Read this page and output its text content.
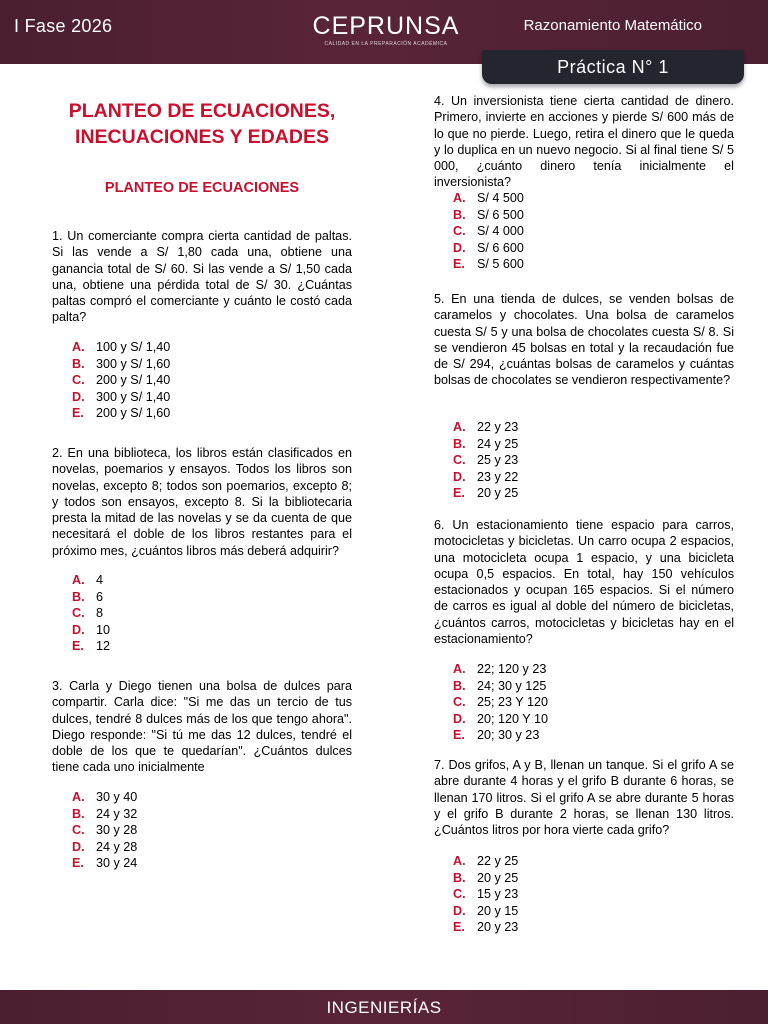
I Fase 2026	CEPRUNSA
CALIDAD EN LA PREPARACIÓN ACADÉMICA
Razonamiento Matemático
Práctica N° 1
PLANTEO DE ECUACIONES, INECUACIONES Y EDADES
PLANTEO DE ECUACIONES
1. Un comerciante compra cierta cantidad de paltas. Si las vende a S/ 1,80 cada una, obtiene una ganancia total de S/ 60. Si las vende a S/ 1,50 cada una, obtiene una pérdida total de S/ 30. ¿Cuántas paltas compró el comerciante y cuánto le costó cada palta?
A. 100 y S/ 1,40
B. 300 y S/ 1,60
C. 200 y S/ 1,40
D. 300 y S/ 1,40
E. 200 y S/ 1,60
2. En una biblioteca, los libros están clasificados en novelas, poemarios y ensayos. Todos los libros son novelas, excepto 8; todos son poemarios, excepto 8; y todos son ensayos, excepto 8. Si la bibliotecaria presta la mitad de las novelas y se da cuenta de que necesitará el doble de los libros restantes para el próximo mes, ¿cuántos libros más deberá adquirir?
A. 4
B. 6
C. 8
D. 10
E. 12
3. Carla y Diego tienen una bolsa de dulces para compartir. Carla dice: "Si me das un tercio de tus dulces, tendré 8 dulces más de los que tengo ahora". Diego responde: "Si tú me das 12 dulces, tendré el doble de los que te quedarían". ¿Cuántos dulces tiene cada uno inicialmente
A. 30 y 40
B. 24 y 32
C. 30 y 28
D. 24 y 28
E. 30 y 24
4. Un inversionista tiene cierta cantidad de dinero. Primero, invierte en acciones y pierde S/ 600 más de lo que no pierde. Luego, retira el dinero que le queda y lo duplica en un nuevo negocio. Si al final tiene S/ 5 000, ¿cuánto dinero tenía inicialmente el inversionista?
A. S/ 4 500
B. S/ 6 500
C. S/ 4 000
D. S/ 6 600
E. S/ 5 600
5. En una tienda de dulces, se venden bolsas de caramelos y chocolates. Una bolsa de caramelos cuesta S/ 5 y una bolsa de chocolates cuesta S/ 8. Si se vendieron 45 bolsas en total y la recaudación fue de S/ 294, ¿cuántas bolsas de caramelos y cuántas bolsas de chocolates se vendieron respectivamente?
A. 22 y 23
B. 24 y 25
C. 25 y 23
D. 23 y 22
E. 20 y 25
6. Un estacionamiento tiene espacio para carros, motocicletas y bicicletas. Un carro ocupa 2 espacios, una motocicleta ocupa 1 espacio, y una bicicleta ocupa 0,5 espacios. En total, hay 150 vehículos estacionados y ocupan 165 espacios. Si el número de carros es igual al doble del número de bicicletas, ¿cuántos carros, motocicletas y bicicletas hay en el estacionamiento?
A. 22; 120 y 23
B. 24; 30 y 125
C. 25; 23 Y 120
D. 20; 120 Y 10
E. 20; 30 y 23
7. Dos grifos, A y B, llenan un tanque. Si el grifo A se abre durante 4 horas y el grifo B durante 6 horas, se llenan 170 litros. Si el grifo A se abre durante 5 horas y el grifo B durante 2 horas, se llenan 130 litros. ¿Cuántos litros por hora vierte cada grifo?
A. 22 y 25
B. 20 y 25
C. 15 y 23
D. 20 y 15
E. 20 y 23
INGENIERÍAS
